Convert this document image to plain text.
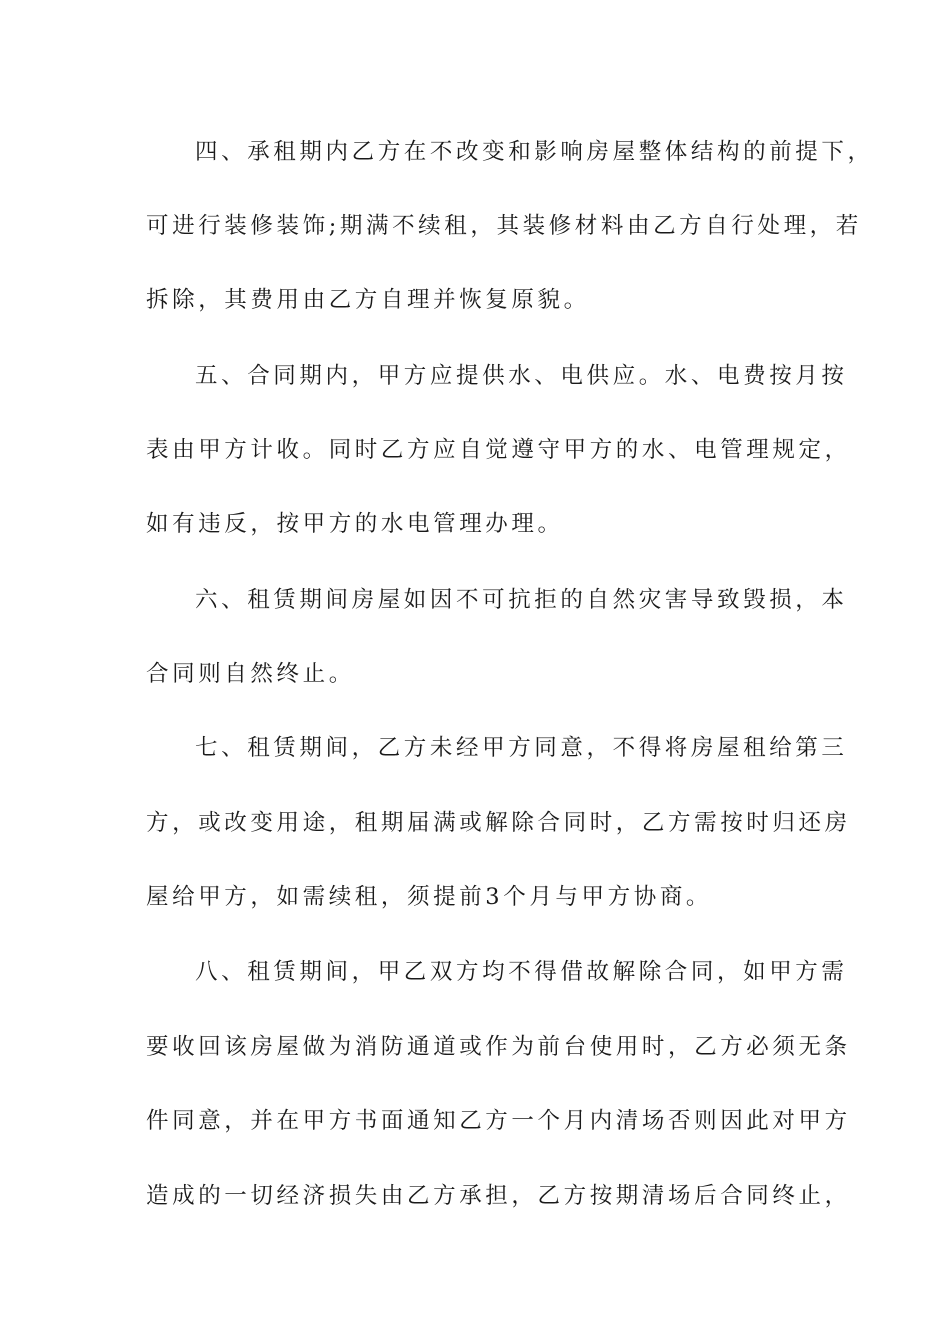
四、承租期内乙方在不改变和影响房屋整体结构的前提下，
可进行装修装饰;期满不续租，其装修材料由乙方自行处理，若
拆除，其费用由乙方自理并恢复原貌。
五、合同期内，甲方应提供水、电供应。水、电费按月按
表由甲方计收。同时乙方应自觉遵守甲方的水、电管理规定，
如有违反，按甲方的水电管理办理。
六、租赁期间房屋如因不可抗拒的自然灾害导致毁损，本
合同则自然终止。
七、租赁期间，乙方未经甲方同意，不得将房屋租给第三
方，或改变用途，租期届满或解除合同时，乙方需按时归还房
屋给甲方，如需续租，须提前3个月与甲方协商。
八、租赁期间，甲乙双方均不得借故解除合同，如甲方需
要收回该房屋做为消防通道或作为前台使用时，乙方必须无条
件同意，并在甲方书面通知乙方一个月内清场否则因此对甲方
造成的一切经济损失由乙方承担，乙方按期清场后合同终止，
